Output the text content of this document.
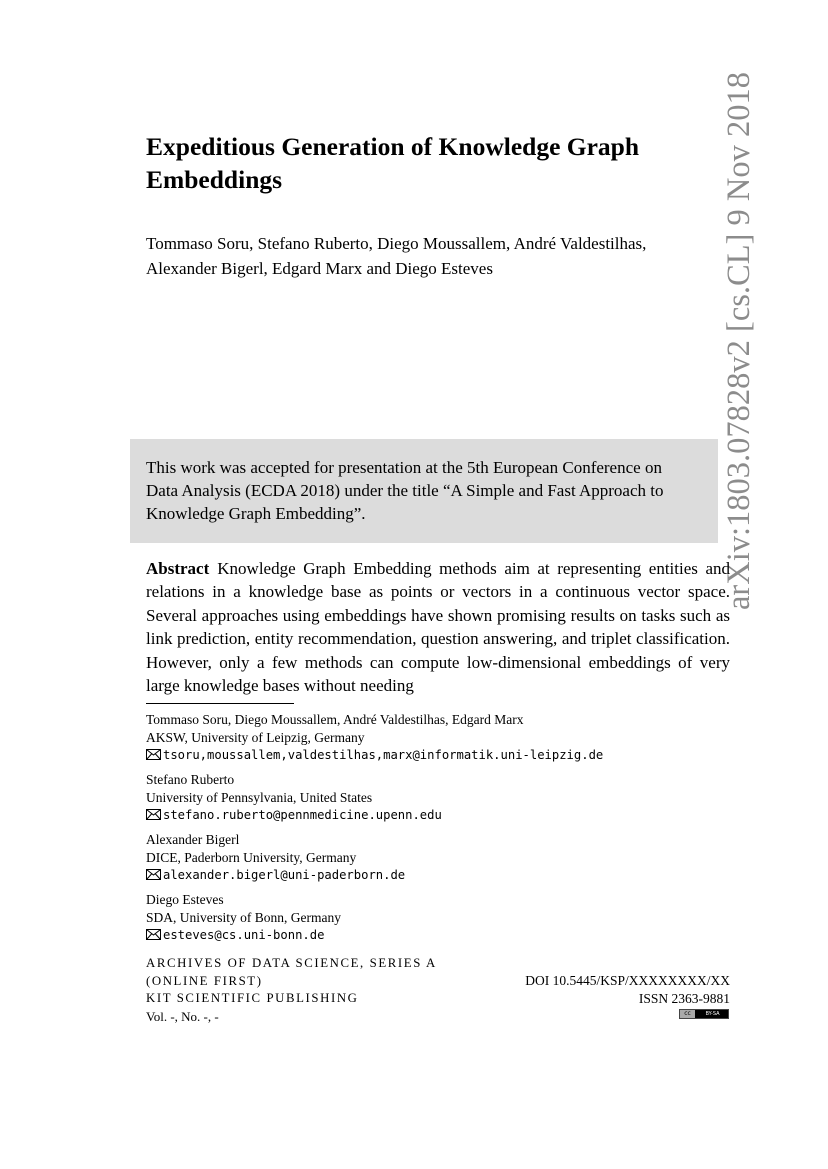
arXiv:1803.07828v2 [cs.CL] 9 Nov 2018
Expeditious Generation of Knowledge Graph Embeddings
Tommaso Soru, Stefano Ruberto, Diego Moussallem, André Valdestilhas,
Alexander Bigerl, Edgard Marx and Diego Esteves
This work was accepted for presentation at the 5th European Conference on Data Analysis (ECDA 2018) under the title “A Simple and Fast Approach to Knowledge Graph Embedding”.
Abstract Knowledge Graph Embedding methods aim at representing entities and relations in a knowledge base as points or vectors in a continuous vector space. Several approaches using embeddings have shown promising results on tasks such as link prediction, entity recommendation, question answering, and triplet classification. However, only a few methods can compute low-dimensional embeddings of very large knowledge bases without needing
Tommaso Soru, Diego Moussallem, André Valdestilhas, Edgard Marx
AKSW, University of Leipzig, Germany
tsoru,moussallem,valdestilhas,marx@informatik.uni-leipzig.de
Stefano Ruberto
University of Pennsylvania, United States
stefano.ruberto@pennmedicine.upenn.edu
Alexander Bigerl
DICE, Paderborn University, Germany
alexander.bigerl@uni-paderborn.de
Diego Esteves
SDA, University of Bonn, Germany
esteves@cs.uni-bonn.de
ARCHIVES OF DATA SCIENCE, SERIES A
(ONLINE FIRST)
KIT SCIENTIFIC PUBLISHING
Vol. -, No. -, -
DOI 10.5445/KSP/XXXXXXXX/XX
ISSN 2363-9881
cc	BY-SA
